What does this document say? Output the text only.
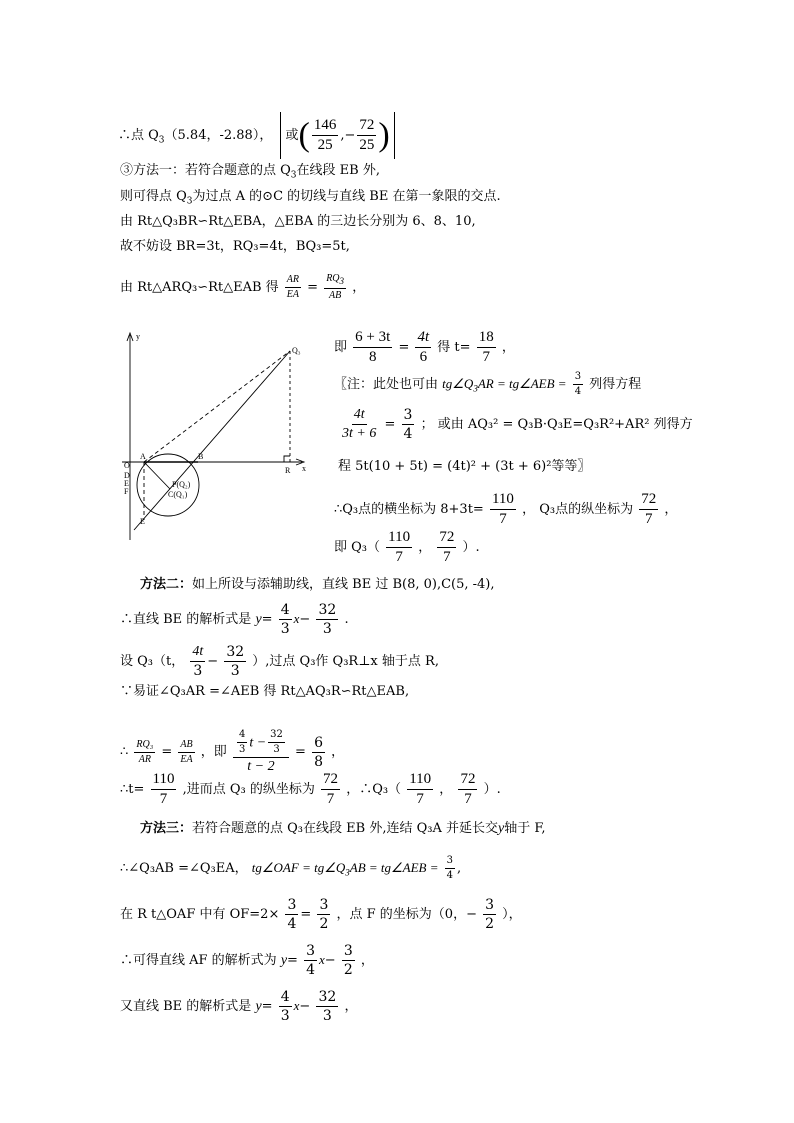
∴点 $Q_3(5.84$，-2.88）， 或( $\frac{146}{25}$ ,− $\frac{72}{25}$ )
③方法一：若符合题意的点 $Q_3$在线段 EB 外,
则可得点 $Q_3$为过点 A 的⊙C 的切线与直线 BE 在第一象限的交点.
由 Rt△Q₃BR∽Rt△EBA，△EBA 的三边长分别为 6、8、10,
故不妨设 BR=3t，RQ₃=4t，BQ₃=5t,
由 Rt△ARQ₃∽Rt△EAB 得 $\frac{AR}{EA} = \frac{RQ_3}{AB}$ ，
y
x
Q₃
A	B
O
D
E
F
P(Q₂)
C(Q₁)
R
E
即 $\frac{6 + 3t}{8} = \frac{4t}{6}$ 得 $t= \frac{18}{7}$ ，
〖注：此处也可由 $tg\angle Q_3AR$ = tg∠AEB = $\frac{3}{4}$ 列得方程
$\frac{4t}{3t + 6} = \frac{3}{4}$ ； 或由 AQ₃² = Q₃B·Q₃E=Q₃R²+AR² 列得方
程 5t(10 + 5t) = (4t)² + (3t + 6)²等等〗
∴Q₃点的横坐标为 $8+3t= \frac{110}{7}$ ， Q₃点的纵坐标为 $\frac{72}{7}$ ，
即 $Q_3( \frac{110}{7}$ ， $\frac{72}{7}$ ）.
方法二：如上所设与添辅助线，直线 BE 过 B(8, 0),C(5, -4),
∴直线 BE 的解析式是 $y= \frac{4}{3} x- \frac{32}{3}$ .
设 Q₃（t， $\frac{4t}{3} - \frac{32}{3}$ ）,过点 Q₃作 Q₃R⊥x 轴于点 R,
∵易证∠Q₃AR =∠AEB 得 Rt△AQ₃R∽Rt△EAB,
∴ $\frac{\text{RQ₃}}{AR} = \frac{AB}{EA}$ ，即 $\frac{\frac{4}{3} t - \frac{32}{3}}{t - 2} = \frac{6}{8}$ ，
∴t= $\frac{110}{7}$ ,进而点 Q₃ 的纵坐标为 $\frac{72}{7}$ ，∴Q₃（ $\frac{110}{7}$ ， $\frac{72}{7}$ ）.
方法三：若符合题意的点 Q₃在线段 EB 外,连结 Q₃A 并延长交y轴于 F,
∴∠Q₃AB =∠Q₃EA， tg∠OAF = $tg\angle Q_3AB$ = tg∠AEB = $\frac{3}{4}$ ,
在 R t△OAF 中有 $OF=2\times \frac{3}{4} = \frac{3}{2}$ ，点 F 的坐标为（0，− $\frac{3}{2}$ ），
∴可得直线 AF 的解析式为 $y= \frac{3}{4} x- \frac{3}{2}$ ，
又直线 BE 的解析式是 $y= \frac{4}{3} x- \frac{32}{3}$ ，
